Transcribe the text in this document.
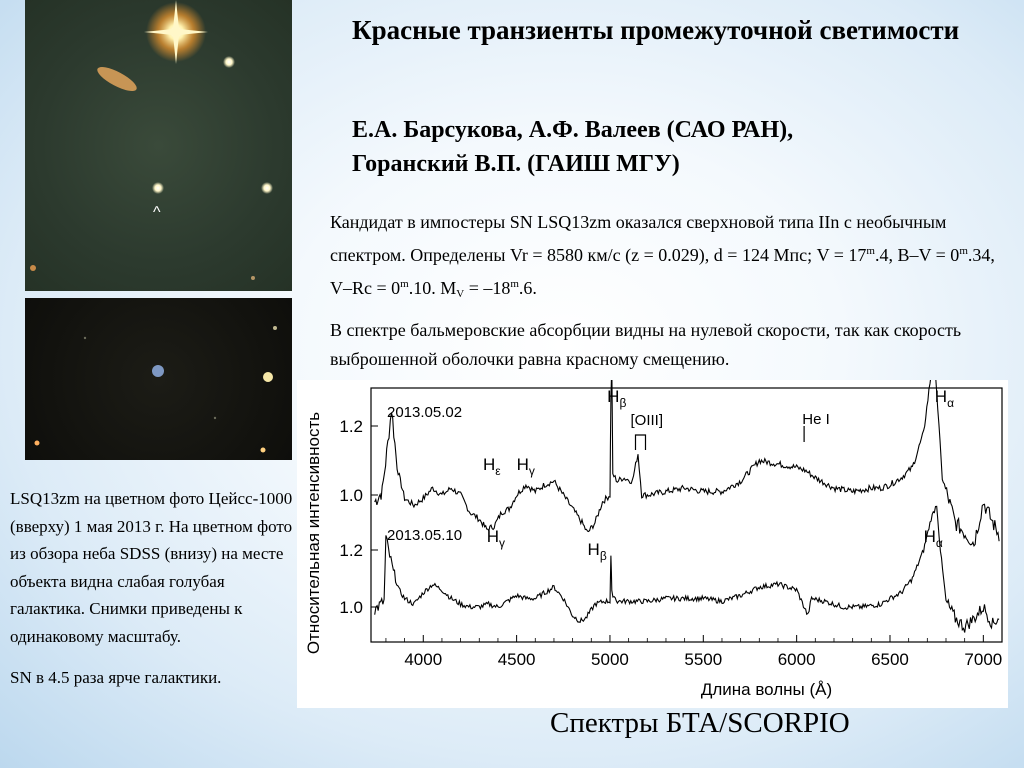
^
Красные транзиенты промежуточной светимости
Е.А. Барсукова, А.Ф. Валеев (САО РАН),
Горанский В.П. (ГАИШ МГУ)

Кандидат в импостеры SN LSQ13zm оказался сверхновой типа IIn с необычным спектром. Определены Vr = 8580 км/с (z = 0.029), d = 124 Мпс; $V = 17^m.4$, $B-V = 0^m.34$, $V-Rc = 0^m.10$. $M_V = -18^m.6$.

В спектре бальмеровские абсорбции видны на нулевой скорости, так как скорость выброшенной оболочки равна красному смещению.

LSQ13zm на цветном фото Цейсс-1000 (вверху) 1 мая 2013 г. На цветном фото из обзора неба SDSS (внизу) на месте объекта видна слабая голубая галактика. Снимки приведены к одинаковому масштабу.

SN в 4.5 раза ярче галактики.

4000	4500	5000	5500	6000	6500	7000
1.2
1.0
1.2
1.0
Длина волны (Å)
Относительная интенсивность	2013.05.02
$H_\varepsilon$ $H_\gamma$
$H_\beta$
[OIII]	He I
$H_\alpha$
2013.05.10 $H_\gamma$	$H_\beta$
$H_\alpha$
Спектры БТА/SCORPIO
